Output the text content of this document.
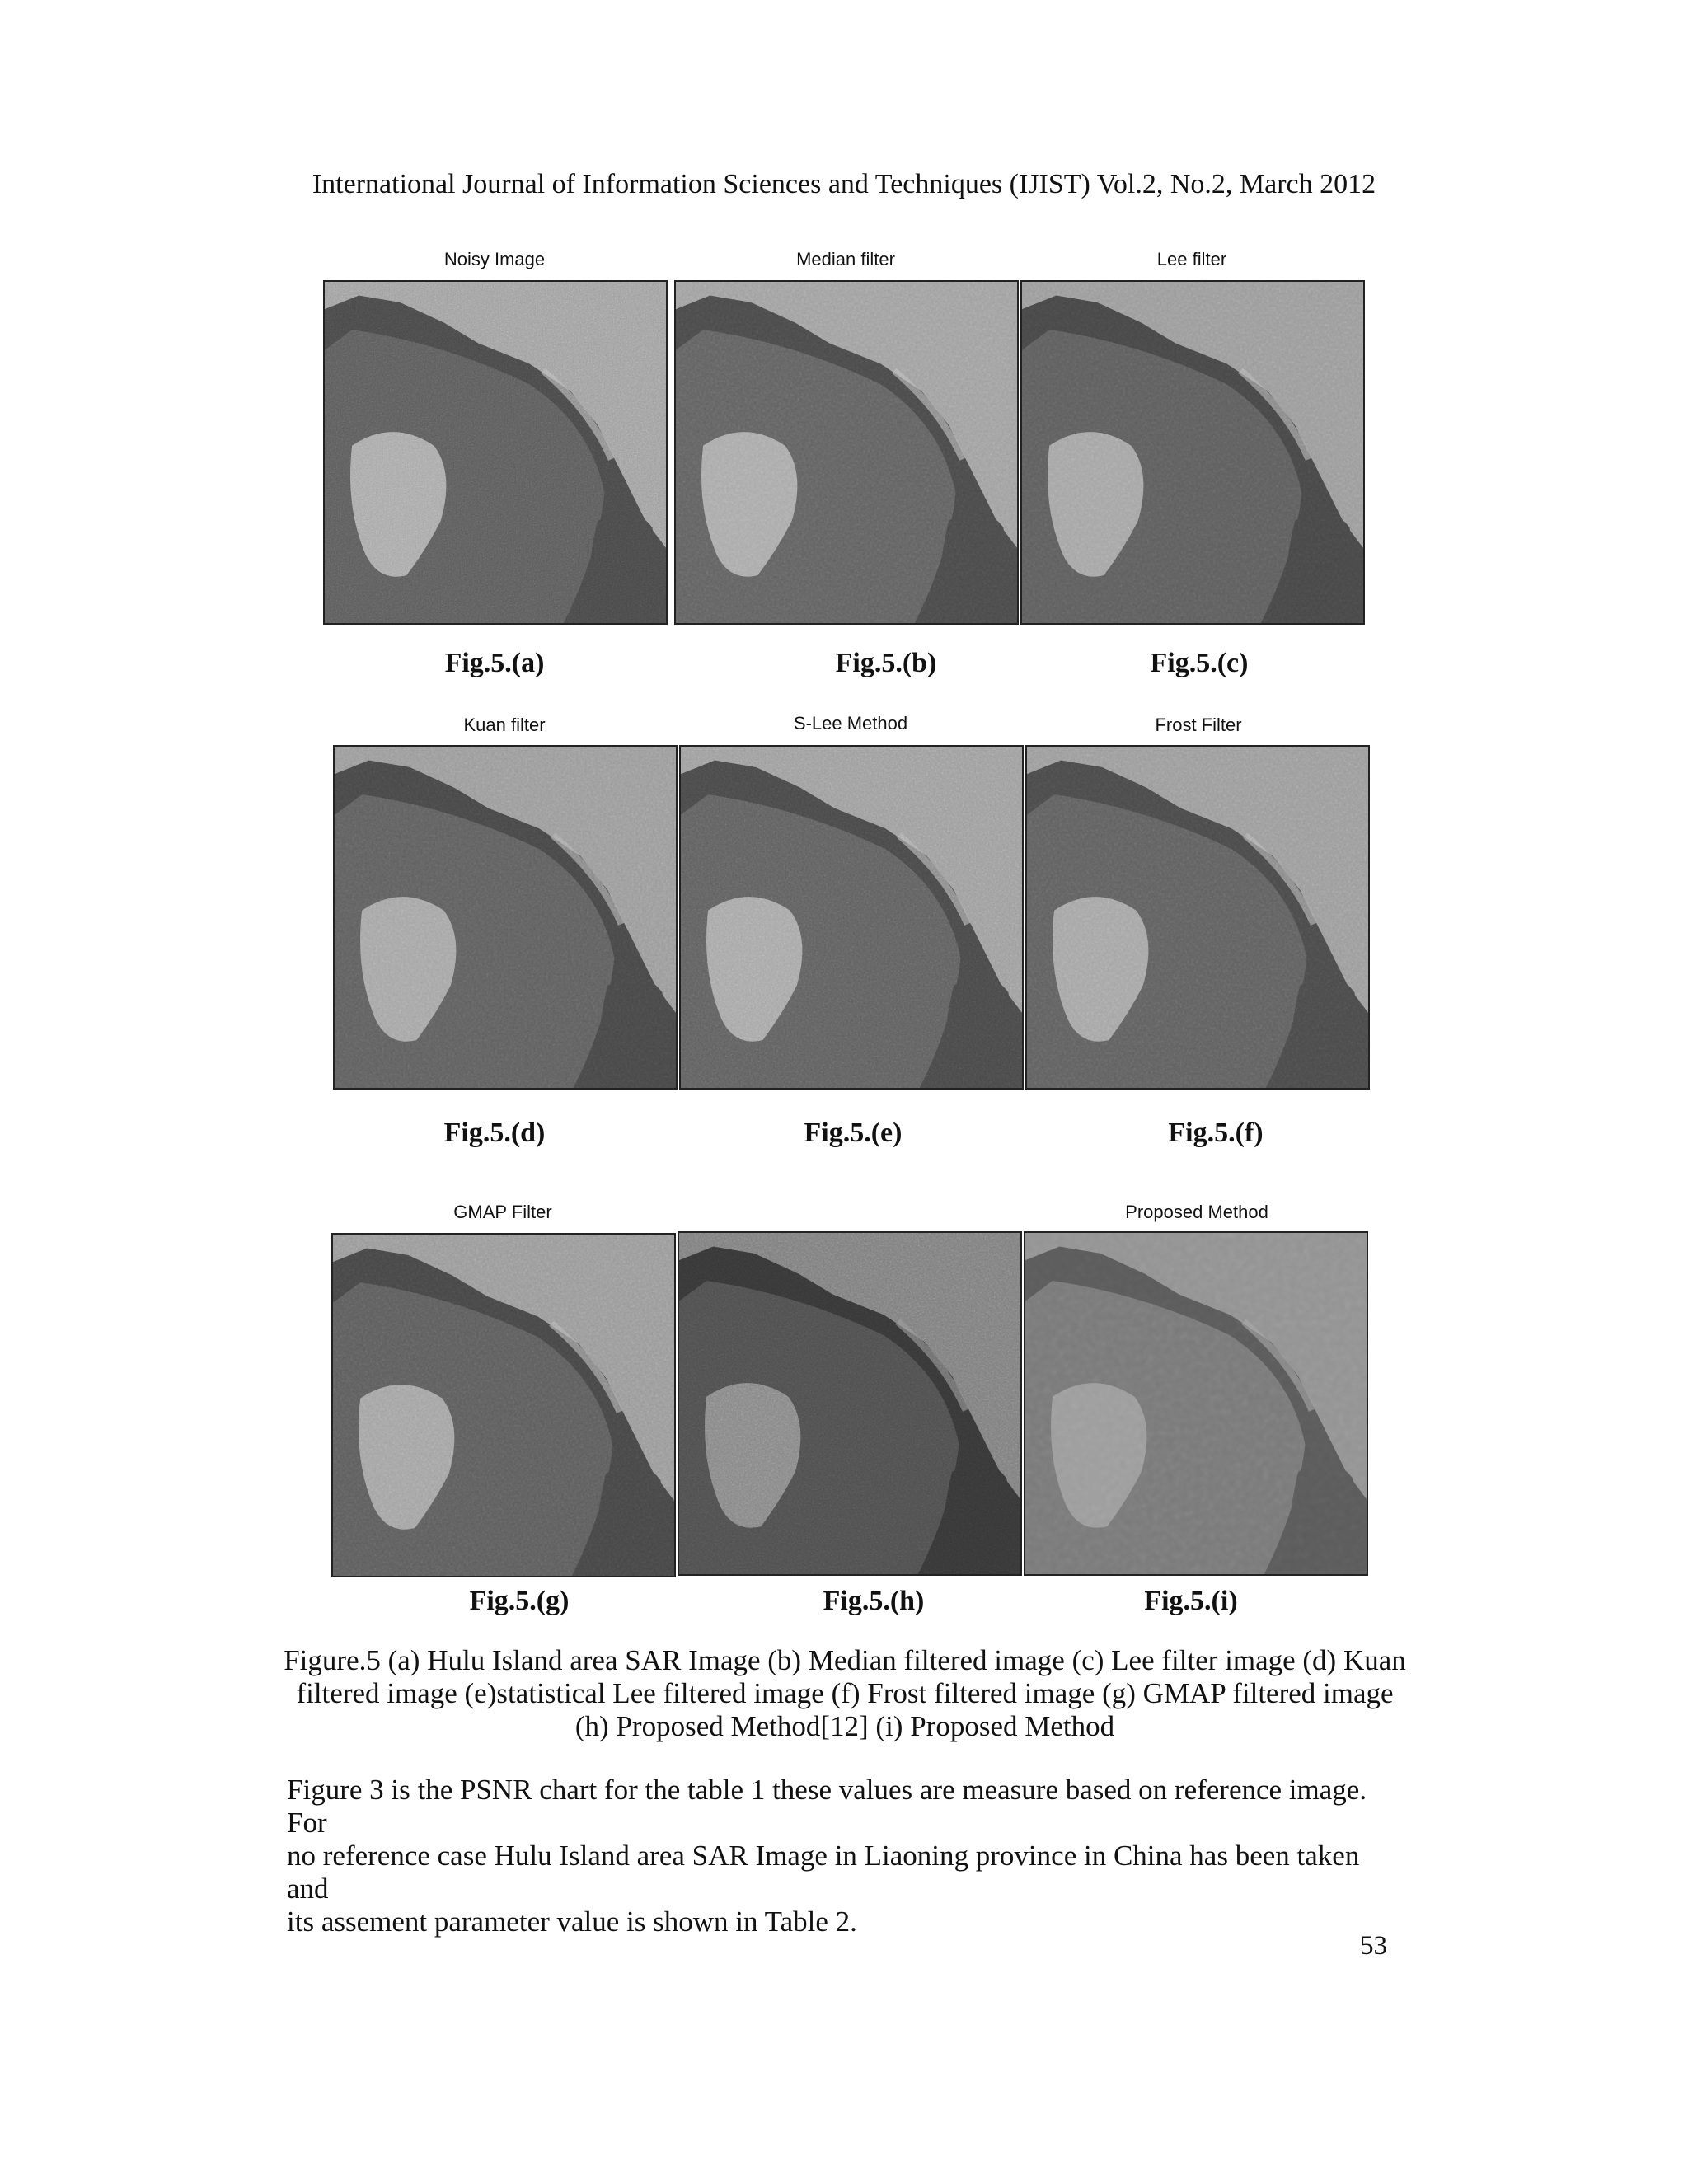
International Journal of Information Sciences and Techniques (IJIST) Vol.2, No.2, March 2012
Noisy Image	Median filter	Lee filter
Fig.5.(a)	Fig.5.(b)	Fig.5.(c)
Kuan filter	S-Lee Method	Frost Filter
Fig.5.(d)	Fig.5.(e)	Fig.5.(f)
GMAP Filter	Proposed Method
Fig.5.(g)	Fig.5.(h)	Fig.5.(i)
Figure.5 (a) Hulu Island area SAR Image (b) Median filtered image (c) Lee filter image (d) Kuan
filtered image (e)statistical Lee filtered image (f) Frost filtered image (g) GMAP filtered image
(h) Proposed Method[12] (i) Proposed Method
Figure 3 is the PSNR chart for the table 1 these values are measure based on reference image. For
no reference case Hulu Island area SAR Image in Liaoning province in China has been taken and
its assement parameter value is shown in Table 2.
53
